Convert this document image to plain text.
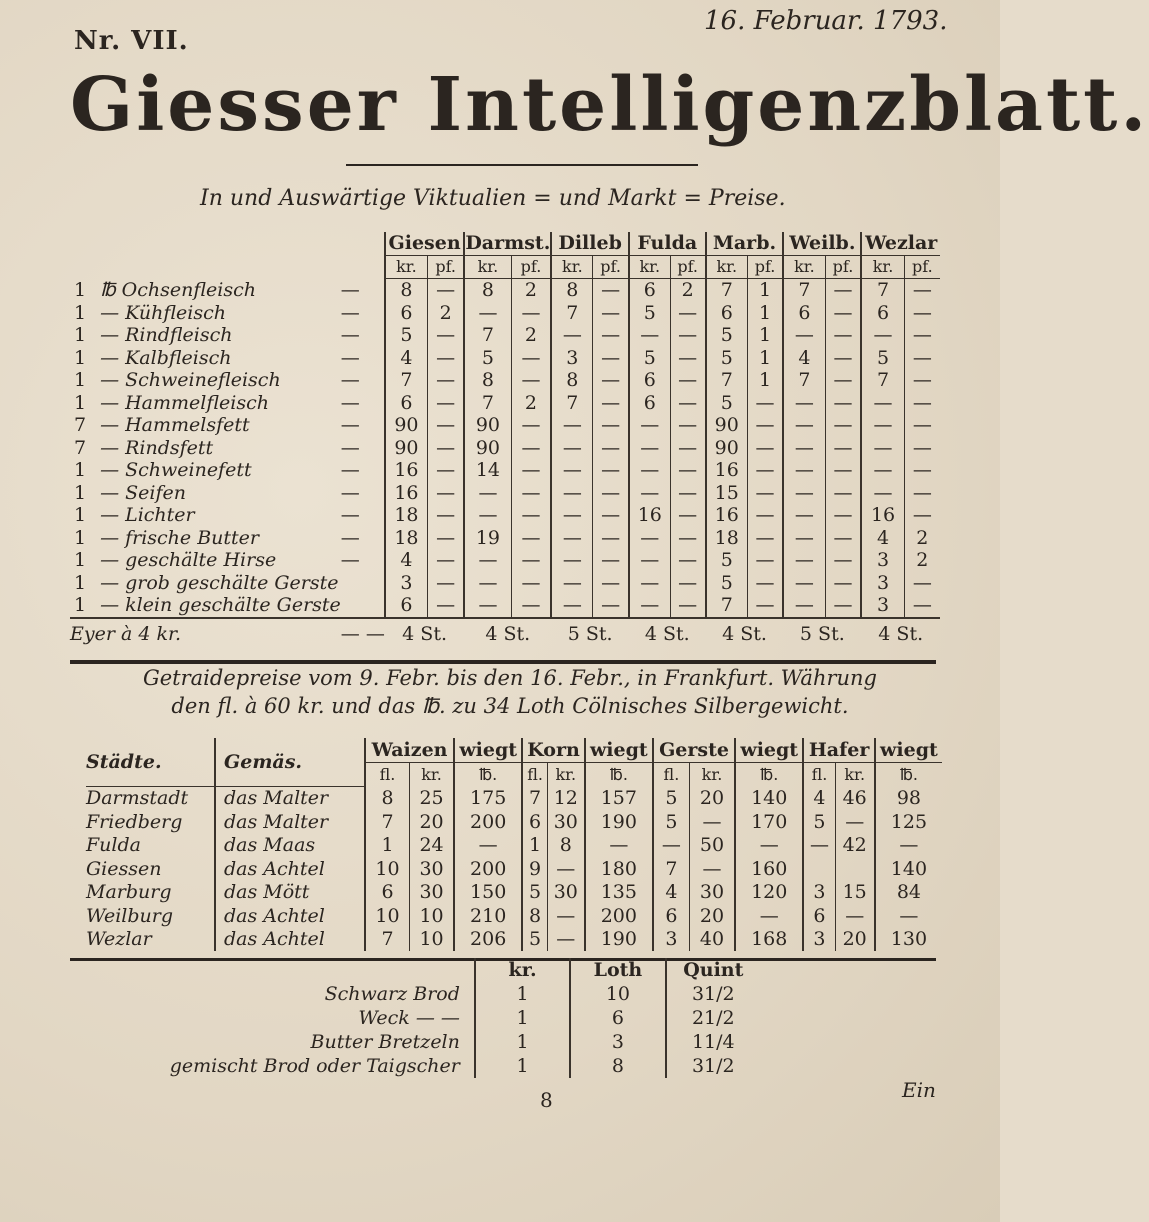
Nr. VII.
16. Februar. 1793.
Giesser Intelligenzblatt.
In und Auswärtige Viktualien = und Markt = Preise.
			Giesen		Darmst.		Dilleb		Fulda		Marb.		Weilb.		Wezlar	
			kr.	pf.	kr.	pf.	kr.	pf.	kr.	pf.	kr.	pf.	kr.	pf.	kr.	pf.
1	℔ Ochsenfleisch	—	8	—	8	2	8	—	6	2	7	1	7	—	7	—
1	— Kühfleisch	—	6	2	—	—	7	—	5	—	6	1	6	—	6	—
1	— Rindfleisch	—	5	—	7	2	—	—	—	—	5	1	—	—	—	—
1	— Kalbfleisch	—	4	—	5	—	3	—	5	—	5	1	4	—	5	—
1	— Schweinefleisch	—	7	—	8	—	8	—	6	—	7	1	7	—	7	—
1	— Hammelfleisch	—	6	—	7	2	7	—	6	—	5	—	—	—	—	—
7	— Hammelsfett	—	90	—	90	—	—	—	—	—	90	—	—	—	—	—
7	— Rindsfett	—	90	—	90	—	—	—	—	—	90	—	—	—	—	—
1	— Schweinefett	—	16	—	14	—	—	—	—	—	16	—	—	—	—	—
1	— Seifen	—	16	—	—	—	—	—	—	—	15	—	—	—	—	—
1	— Lichter	—	18	—	—	—	—	—	16	—	16	—	—	—	16	—
1	— frische Butter	—	18	—	19	—	—	—	—	—	18	—	—	—	4	2
1	— geschälte Hirse	—	4	—	—	—	—	—	—	—	5	—	—	—	3	2
1	— grob geschälte Gerste		3	—	—	—	—	—	—	—	5	—	—	—	3	—
1	— klein geschälte Gerste		6	—	—	—	—	—	—	—	7	—	—	—	3	—
Eyer à 4 kr.		— —	4 St.		4 St.		5 St.		4 St.		4 St.		5 St.		4 St.	
Getraidepreise vom 9. Febr. bis den 16. Febr., in Frankfurt. Währung
den fl. à 60 kr. und das ℔. zu 34 Loth Cölnisches Silbergewicht.
Städte.	Gemäs.	Waizen		wiegt	Korn		wiegt	Gerste		wiegt	Hafer		wiegt
		fl.	kr.	℔.	fl.	kr.	℔.	fl.	kr.	℔.	fl.	kr.	℔.
Darmstadt	das Malter	8	25	175	7	12	157	5	20	140	4	46	98
Friedberg	das Malter	7	20	200	6	30	190	5	—	170	5	—	125
Fulda	das Maas	1	24	—	1	8	—	—	50	—	—	42	—
Giessen	das Achtel	10	30	200	9	—	180	7	—	160			140
Marburg	das Mött	6	30	150	5	30	135	4	30	120	3	15	84
Weilburg	das Achtel	10	10	210	8	—	200	6	20	—	6	—	—
Wezlar	das Achtel	7	10	206	5	—	190	3	40	168	3	20	130
	kr.	Loth	Quint
Schwarz Brod	1	10	31/2
Weck — —	1	6	21/2
Butter Bretzeln	1	3	11/4
gemischt Brod oder Taigscher	1	8	31/2
8	Ein
